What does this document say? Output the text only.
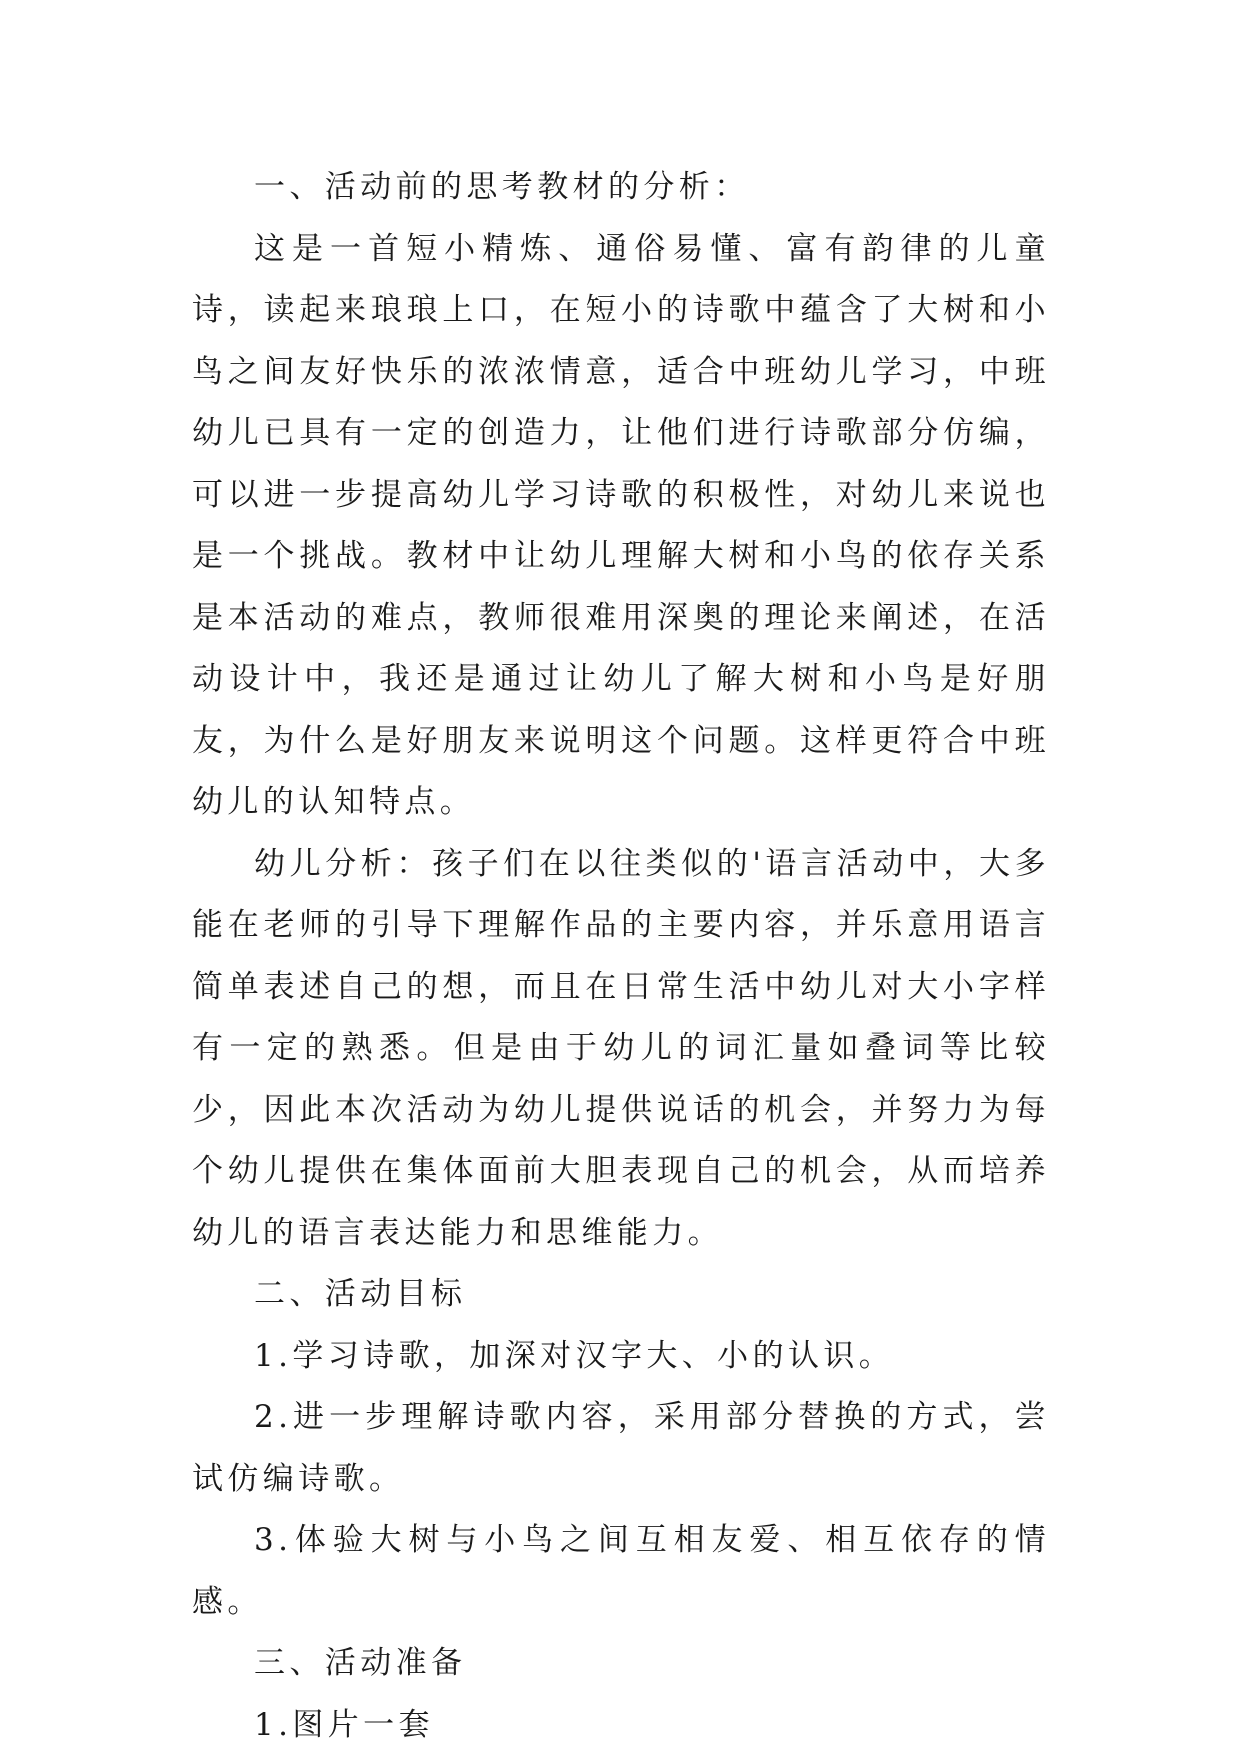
一、活动前的思考教材的分析：

这是一首短小精炼、通俗易懂、富有韵律的儿童诗，读起来琅琅上口，在短小的诗歌中蕴含了大树和小鸟之间友好快乐的浓浓情意，适合中班幼儿学习，中班幼儿已具有一定的创造力，让他们进行诗歌部分仿编，可以进一步提高幼儿学习诗歌的积极性，对幼儿来说也是一个挑战。教材中让幼儿理解大树和小鸟的依存关系是本活动的难点，教师很难用深奥的理论来阐述，在活动设计中，我还是通过让幼儿了解大树和小鸟是好朋友，为什么是好朋友来说明这个问题。这样更符合中班幼儿的认知特点。

幼儿分析：孩子们在以往类似的'语言活动中，大多能在老师的引导下理解作品的主要内容，并乐意用语言简单表述自己的想，而且在日常生活中幼儿对大小字样有一定的熟悉。但是由于幼儿的词汇量如叠词等比较少，因此本次活动为幼儿提供说话的机会，并努力为每个幼儿提供在集体面前大胆表现自己的机会，从而培养幼儿的语言表达能力和思维能力。

二、活动目标

1.学习诗歌，加深对汉字大、小的认识。

2.进一步理解诗歌内容，采用部分替换的方式，尝试仿编诗歌。

3.体验大树与小鸟之间互相友爱、相互依存的情感。

三、活动准备

1.图片一套
